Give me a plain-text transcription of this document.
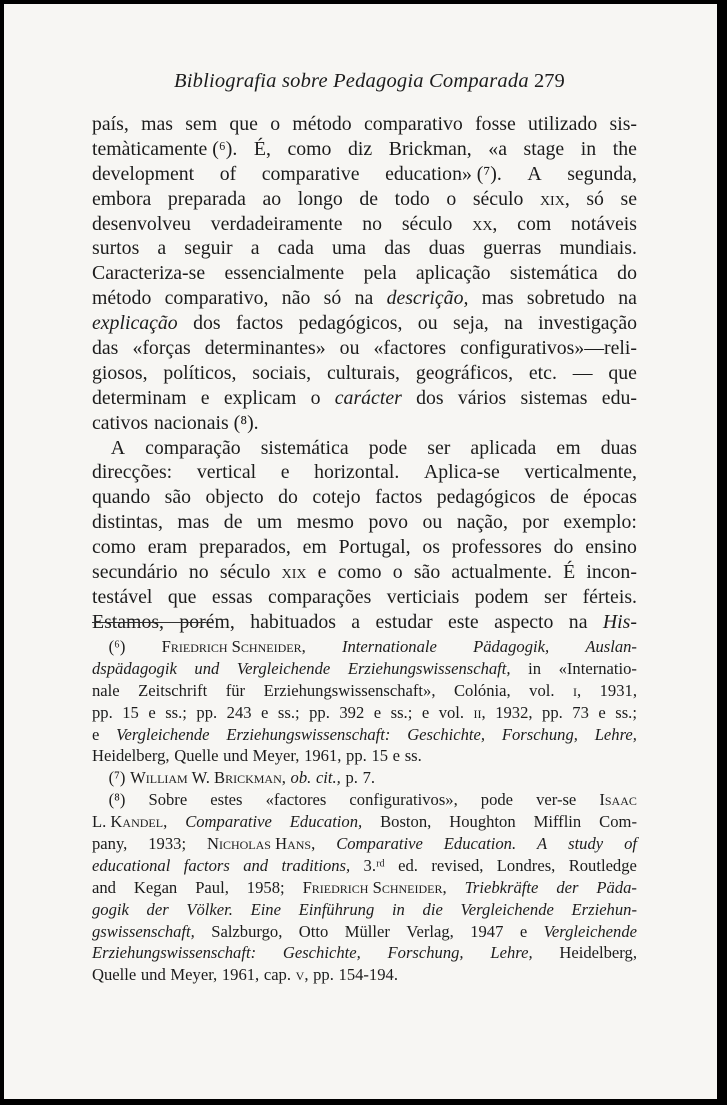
Bibliografia sobre Pedagogia Comparada 279
país, mas sem que o método comparativo fosse utilizado sis-
temàticamente (⁶). É, como diz Brickman, «a stage in the
development of comparative education» (⁷). A segunda,
embora preparada ao longo de todo o século xix, só se
desenvolveu verdadeiramente no século xx, com notáveis
surtos a seguir a cada uma das duas guerras mundiais.
Caracteriza-se essencialmente pela aplicação sistemática do
método comparativo, não só na descrição, mas sobretudo na
explicação dos factos pedagógicos, ou seja, na investigação
das «forças determinantes» ou «factores configurativos»—reli-
giosos, políticos, sociais, culturais, geográficos, etc. — que
determinam e explicam o carácter dos vários sistemas edu-
cativos nacionais (⁸).
A comparação sistemática pode ser aplicada em duas
direcções: vertical e horizontal. Aplica-se verticalmente,
quando são objecto do cotejo factos pedagógicos de épocas
distintas, mas de um mesmo povo ou nação, por exemplo:
como eram preparados, em Portugal, os professores do ensino
secundário no século xix e como o são actualmente. É incon-
testável que essas comparações verticiais podem ser férteis.
Estamos, porém, habituados a estudar este aspecto na His-
(⁶) Friedrich Schneider, Internationale Pädagogik, Auslan-
dspädagogik und Vergleichende Erziehungswissenschaft, in «Internatio-
nale Zeitschrift für Erziehungswissenschaft», Colónia, vol. i, 1931,
pp. 15 e ss.; pp. 243 e ss.; pp. 392 e ss.; e vol. ii, 1932, pp. 73 e ss.;
e Vergleichende Erziehungswissenschaft: Geschichte, Forschung, Lehre,
Heidelberg, Quelle und Meyer, 1961, pp. 15 e ss.
(⁷) William W. Brickman, ob. cit., p. 7.
(⁸) Sobre estes «factores configurativos», pode ver-se Isaac
L. Kandel, Comparative Education, Boston, Houghton Mifflin Com-
pany, 1933; Nicholas Hans, Comparative Education. A study of
educational factors and traditions, 3.ʳᵈ ed. revised, Londres, Routledge
and Kegan Paul, 1958; Friedrich Schneider, Triebkräfte der Päda-
gogik der Völker. Eine Einführung in die Vergleichende Erziehun-
gswissenschaft, Salzburgo, Otto Müller Verlag, 1947 e Vergleichende
Erziehungswissenschaft: Geschichte, Forschung, Lehre, Heidelberg,
Quelle und Meyer, 1961, cap. v, pp. 154-194.
